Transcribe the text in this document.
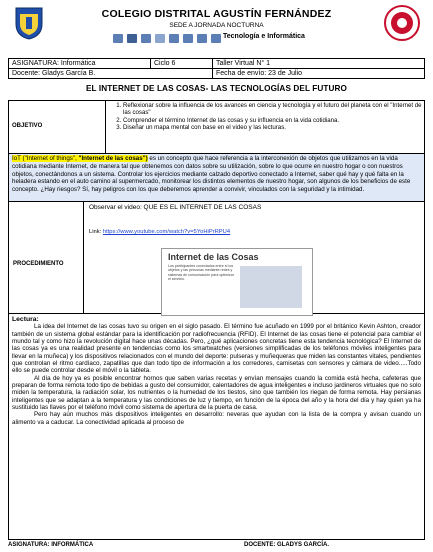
COLEGIO DISTRITAL AGUSTÍN FERNÁNDEZ
SEDE A JORNADA NOCTURNA
Tecnología e Informática
ASIGNATURA: Informática	Ciclo 6	Taller Virtual N° 1
Docente: Gladys García B.		Fecha de envío: 23 de Julio
EL INTERNET DE LAS COSAS- LAS TECNOLOGÍAS DEL FUTURO
OBJETIVO
1. Reflexionar sobre la influencia de los avances en ciencia y tecnología y el futuro del planeta con el "Internet de las cosas"
2. Comprender el término Internet de las cosas y su influencia en la vida cotidiana.
3. Diseñar un mapa mental con base en el video y las lecturas.
IoT ("Internet of things", "Internet de las cosas") es un concepto que hace referencia a la interconexión de objetos que utilizamos en la vida cotidiana mediante Internet, de manera tal que obtenemos con datos sobre su utilización, sobre lo que ocurre en nuestro hogar o con nuestros objetos, conectándonos a un sistema. Controlar los ejercicios mediante calzado deportivo conectado a Internet, saber qué hay y qué falta en la heladera estando en el auto camino al supermercado, monitorear los distintos elementos de nuestro hogar, son algunos de los beneficios de este concepto. ¿Hay riesgos? Sí, hay peligros con los que deberemos aprender a convivir, vinculados con la seguridad y la intimidad.
PROCEDIMIENTO
Observar el video: QUE ES EL INTERNET DE LAS COSAS
Link: https://www.youtube.com/watch?v=5YoHiPrRPU4
Internet de las Cosas
Los participantes conectados entre sí los objetos y las personas mediante redes y sistemas de comunicación para optimizar el servicio.
Lectura:

La idea del Internet de las cosas tuvo su origen en el siglo pasado. El término fue acuñado en 1999 por el británico Kevin Ashton, creador también de un sistema global estándar para la identificación por radiofrecuencia (RFID). El Internet de las cosas tiene el potencial para cambiar el mundo tal y como hizo la revolución digital hace unas décadas. Pero, ¿qué aplicaciones concretas tiene esta tendencia tecnológica? El Internet de las cosas ya es una realidad presente en tendencias como los smartwatches (versiones simplificadas de los teléfonos móviles inteligentes para llevar en la muñeca) y los dispositivos relacionados con el mundo del deporte: pulseras y muñequeras que miden las constantes vitales, pendientes que controlan el ritmo cardíaco, zapatillas que dan todo tipo de información a los corredores, camisetas con sensores y cámara de video.....Todo ello se puede controlar desde el móvil o la tableta.

Al día de hoy ya es posible encontrar hornos que saben varias recetas y envían mensajes cuando la comida está hecha, cafeteras que preparan de forma remota todo tipo de bebidas a gusto del consumidor, calentadores de agua inteligentes e incluso jardineros virtuales que no solo miden la temperatura, la radiación solar, los nutrientes o la humedad de los tiestos, sino que también los riegan de forma remota. Hay persianas inteligentes que se adaptan a la temperatura y las condiciones de luz y tiempo, en función de la época del año y la hora del día y hay quien ya ha sustituido las llaves por el teléfono móvil como sistema de apertura de la puerta de casa.

Pero hay aún muchos más dispositivos inteligentes en desarrollo: neveras que ayudan con la lista de la compra y avisan cuando un alimento va a caducar. La conectividad aplicada al proceso de

ASIGNATURA: INFORMÁTICA	DOCENTE: GLADYS GARCÍA.
